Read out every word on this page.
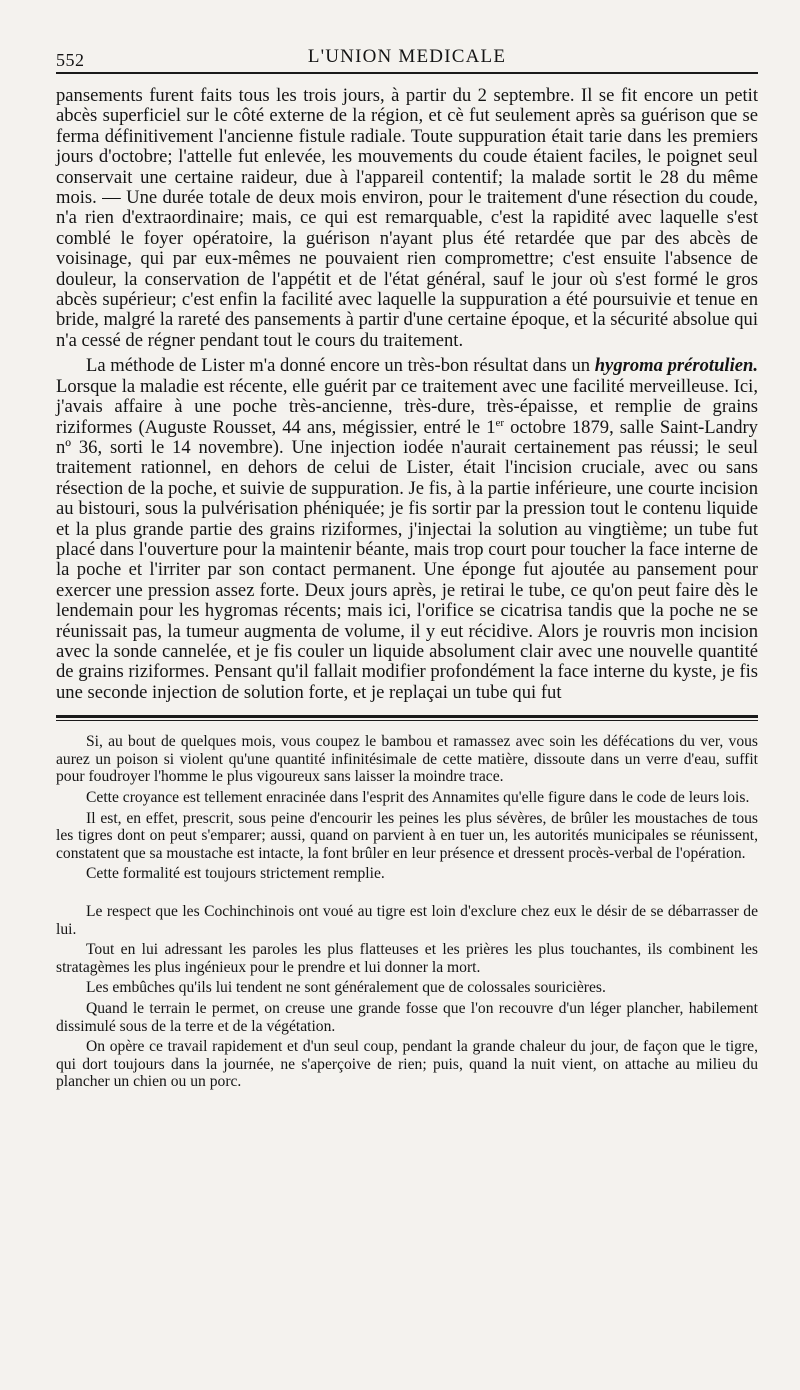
552	L'UNION MEDICALE

pansements furent faits tous les trois jours, à partir du 2 septembre. Il se fit encore un petit abcès superficiel sur le côté externe de la région, et cè fut seulement après sa guérison que se ferma définitivement l'ancienne fistule radiale. Toute suppuration était tarie dans les premiers jours d'octobre; l'attelle fut enlevée, les mouvements du coude étaient faciles, le poignet seul conservait une certaine raideur, due à l'appareil contentif; la malade sortit le 28 du même mois. — Une durée totale de deux mois environ, pour le traitement d'une résection du coude, n'a rien d'extraordinaire; mais, ce qui est remarquable, c'est la rapidité avec laquelle s'est comblé le foyer opératoire, la guérison n'ayant plus été retardée que par des abcès de voisinage, qui par eux-mêmes ne pouvaient rien compromettre; c'est ensuite l'absence de douleur, la conservation de l'appétit et de l'état général, sauf le jour où s'est formé le gros abcès supérieur; c'est enfin la facilité avec laquelle la suppuration a été poursuivie et tenue en bride, malgré la rareté des pansements à partir d'une certaine époque, et la sécurité absolue qui n'a cessé de régner pendant tout le cours du traitement.

La méthode de Lister m'a donné encore un très-bon résultat dans un hygroma prérotulien. Lorsque la maladie est récente, elle guérit par ce traitement avec une facilité merveilleuse. Ici, j'avais affaire à une poche très-ancienne, très-dure, très-épaisse, et remplie de grains riziformes (Auguste Rousset, 44 ans, mégissier, entré le 1er octobre 1879, salle Saint-Landry nº 36, sorti le 14 novembre). Une injection iodée n'aurait certainement pas réussi; le seul traitement rationnel, en dehors de celui de Lister, était l'incision cruciale, avec ou sans résection de la poche, et suivie de suppuration. Je fis, à la partie inférieure, une courte incision au bistouri, sous la pulvérisation phéniquée; je fis sortir par la pression tout le contenu liquide et la plus grande partie des grains riziformes, j'injectai la solution au vingtième; un tube fut placé dans l'ouverture pour la maintenir béante, mais trop court pour toucher la face interne de la poche et l'irriter par son contact permanent. Une éponge fut ajoutée au pansement pour exercer une pression assez forte. Deux jours après, je retirai le tube, ce qu'on peut faire dès le lendemain pour les hygromas récents; mais ici, l'orifice se cicatrisa tandis que la poche ne se réunissait pas, la tumeur augmenta de volume, il y eut récidive. Alors je rouvris mon incision avec la sonde cannelée, et je fis couler un liquide absolument clair avec une nouvelle quantité de grains riziformes. Pensant qu'il fallait modifier profondément la face interne du kyste, je fis une seconde injection de solution forte, et je replaçai un tube qui fut

Si, au bout de quelques mois, vous coupez le bambou et ramassez avec soin les défécations du ver, vous aurez un poison si violent qu'une quantité infinitésimale de cette matière, dissoute dans un verre d'eau, suffit pour foudroyer l'homme le plus vigoureux sans laisser la moindre trace.

Cette croyance est tellement enracinée dans l'esprit des Annamites qu'elle figure dans le code de leurs lois.

Il est, en effet, prescrit, sous peine d'encourir les peines les plus sévères, de brûler les moustaches de tous les tigres dont on peut s'emparer; aussi, quand on parvient à en tuer un, les autorités municipales se réunissent, constatent que sa moustache est intacte, la font brûler en leur présence et dressent procès-verbal de l'opération.

Cette formalité est toujours strictement remplie.

Le respect que les Cochinchinois ont voué au tigre est loin d'exclure chez eux le désir de se débarrasser de lui.

Tout en lui adressant les paroles les plus flatteuses et les prières les plus touchantes, ils combinent les stratagèmes les plus ingénieux pour le prendre et lui donner la mort.

Les embûches qu'ils lui tendent ne sont généralement que de colossales souricières.

Quand le terrain le permet, on creuse une grande fosse que l'on recouvre d'un léger plancher, habilement dissimulé sous de la terre et de la végétation.

On opère ce travail rapidement et d'un seul coup, pendant la grande chaleur du jour, de façon que le tigre, qui dort toujours dans la journée, ne s'aperçoive de rien; puis, quand la nuit vient, on attache au milieu du plancher un chien ou un porc.
